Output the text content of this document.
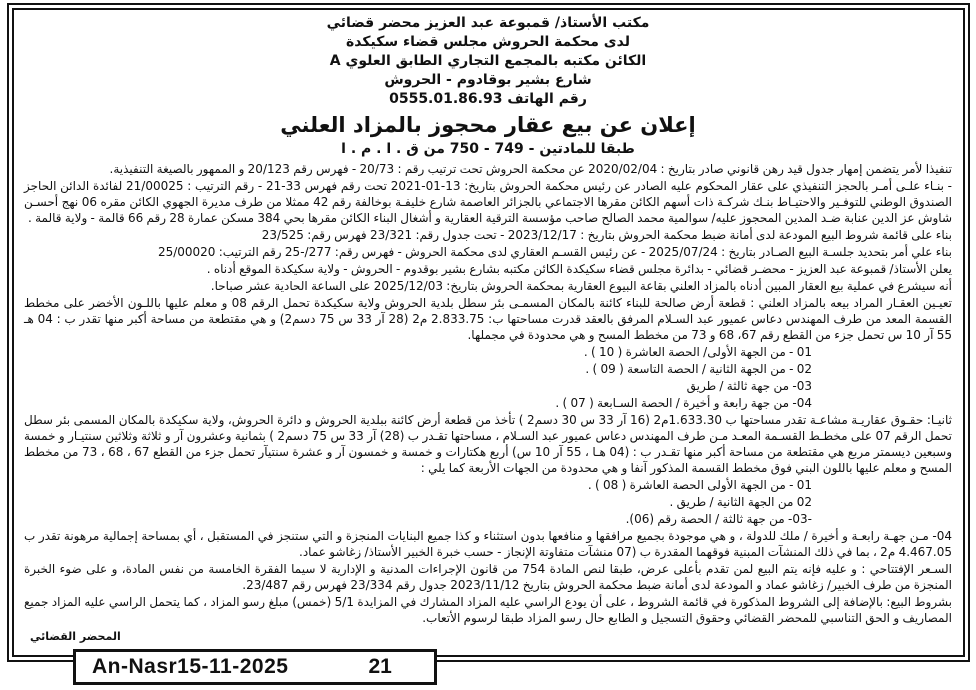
مكتب الأستاذ/ قمبوعة عبد العزيز محضر قضائي
لدى محكمة الحروش مجلس قضاء سكيكدة
الكائن مكتبه بالمجمع التجاري الطابق العلوي A
شارع بشير بوقادوم - الحروش
رقم الهاتف 0555.01.86.93
إعلان عن بيع عقار محجوز بالمزاد العلني
طبقا للمادتين - 749‏ - 750 من ق . ا . م . ا

تنفيذا لأمر يتضمن إمهار جدول قيد رهن قانوني صادر بتاريخ : 2020/02/04 عن محكمة الحروش تحت ترتيب رقم : 20/73 - فهرس رقم 20/123 و الممهور بالصيغة التنفيذية.

- بنـاء علـى أمـر بالحجز التنفيذي على عقار المحكوم عليه الصادر عن رئيس محكمة الحروش بتاريخ: 13-01-2021 تحت رقم فهرس 33-21 - رقم الترتيب : 21/00025 لفائدة الدائن الحاجز الصندوق الوطني للتوفـير والاحتيـاط بنـك شركـة ذات أسهم الكائن مقرها الاجتماعي بالجزائر العاصمة شارع خليفـة بوخالفة رقم 42 ممثلا من طرف مديرة الجهوي الكائن مقره 06 نهج أحسـن شاوش عز الدين عنابة ضـد المدين المحجوز عليه/ سوالمية محمد الصالح صاحب مؤسسة الترقية العقارية و أشغال البناء الكائن مقرها بحي 384 مسكن عمارة 28 رقم 66 قالمة - ولاية قالمة .

بناء على قائمة شروط البيع المودعة لدى أمانة ضبط محكمة الحروش بتاريخ : 2023/12/17 - تحت جدول رقم: 23/321 فهرس رقم: 23/525

بناء علي أمر بتحديد جلسـة البيع الصـادر بتاريخ : 2025/07/24 - عن رئيس القسـم العقاري لدى محكمة الحروش - فهرس رقم: 277/-25 رقم الترتيب: 25/00020

يعلن الأستاذ/ قمبوعة عبد العزيز - محضـر قضائي - بدائرة مجلس قضاء سكيكدة الكائن مكتبه بشارع بشير بوقدوم - الحروش - ولاية سكيكدة الموقع أدناه .

أنه سيشرع في عملية بيع العقار المبين أدناه بالمزاد العلني بقاعة البيوع العقارية بمحكمة الحروش بتاريخ: 2025/12/03 على الساعة الحادية عشر صباحا.

تعيـين العقـار المراد بيعه بالمزاد العلني : قطعة أرض صالحة للبناء كائنة بالمكان المسمـى بئر سطل بلدية الحروش ولاية سكيكدة تحمل الرقم 08 و معلم عليها باللـون الأخضر على مخطط القسمة المعد من طرف المهندس دعاس عميور عبد السـلام المرفق بالعقد قدرت مساحتها ب: 2.833.75 م2 (28 آر 33 س 75 دسم2) و هي مقتطعة من مساحة أكبر منها تقدر ب : 04 هـ 55 آر 10 س تحمل جزء من القطع رقم 67، 68 و 73 من مخطط المسح و هي محدودة في مجملها.

01 - من الجهة الأولى/ الحصة العاشرة ( 10 ) .

02 - من الجهة الثانية / الحصة التاسعة ( 09 ) .

03- من جهة ثالثة / طريق

04- من جهة رابعة و أخيرة / الحصة السـابعة ( 07 ) .

ثانيـا: حقـوق عقاريـة مشاعـة تقدر مساحتها ب 1.633.30م2 (16 آر 33 س 30 دسم2 ) تأخذ من قطعة أرض كائنة ببلدية الحروش و دائرة الحروش، ولاية سكيكدة بالمكان المسمى بئر سطل تحمل الرقم 07 على مخطـط القسـمة المعـد مـن طرف المهندس دعاس عميور عبد السـلام ، مساحتها تقـدر ب (28) آر 33 س 75 دسم2 ) بثمانية وعشرون آر و ثلاثة وثلاثين سنتيـار و خمسة وسبعين ديسمتر مربع هي مقتطعة من مساحة أكبر منها تقـدر ب : (04 هـا ، 55 آر 10 س) أربع هكتارات و خمسة و خمسون آر و عشرة سنتيآر تحمل جزء من القطع 67 ، 68 ، 73 من مخطط المسح و معلم عليها باللون البني فوق مخطط القسمة المذكور آنفا و هي محدودة من الجهات الأربعة كما يلي :

01 - من الجهة الأولى الحصة العاشرة ( 08 ) .

02 من الجهة الثانية / طريق .

-03- من جهة ثالثة / الحصة رقم (06).

04- مـن جهـة رابعـة و أخيرة / ملك للدولة ، و هي موجودة بجميع مرافقها و منافعها بدون استثناء و كذا جميع البنايات المنجزة و التي ستنجز في المستقبل ، أي بمساحة إجمالية مرهونة تقدر ب 4.467.05 م2 ، بما في ذلك المنشآت المبنية فوقهما المقدرة ب (07 منشآت متفاوتة الإنجاز - حسب خبرة الخبير الأستاذ/ زغاشو عماد.

السـعر الإفتتاحي : و عليه فإنه يتم البيع لمن تقدم بأعلى عرض، طبقا لنص المادة 754 من قانون الإجراءات المدنية و الإدارية لا سيما الفقرة الخامسة من نفس المادة، و على ضوء الخبرة المنجزة من طرف الخبير/ زغاشو عماد و المودعة لدى أمانة ضبط محكمة الحروش بتاريخ 2023/11/12 جدول رقم 23/334 فهرس رقم 23/487.

بشروط البيع: بالإضافة إلى الشروط المذكورة في قائمة الشروط ، على أن يودع الراسي عليه المزاد المشارك في المزايدة 5/1 (خمس) مبلغ رسو المزاد ، كما يتحمل الراسي عليه المزاد جميع المصاريف و الحق التناسبي للمحضر القضائي وحقوق التسجيل و الطابع حال رسو المزاد طبقا لرسوم الأتعاب.

المحضر القضائي
An-Nasr15-11-2025	21
